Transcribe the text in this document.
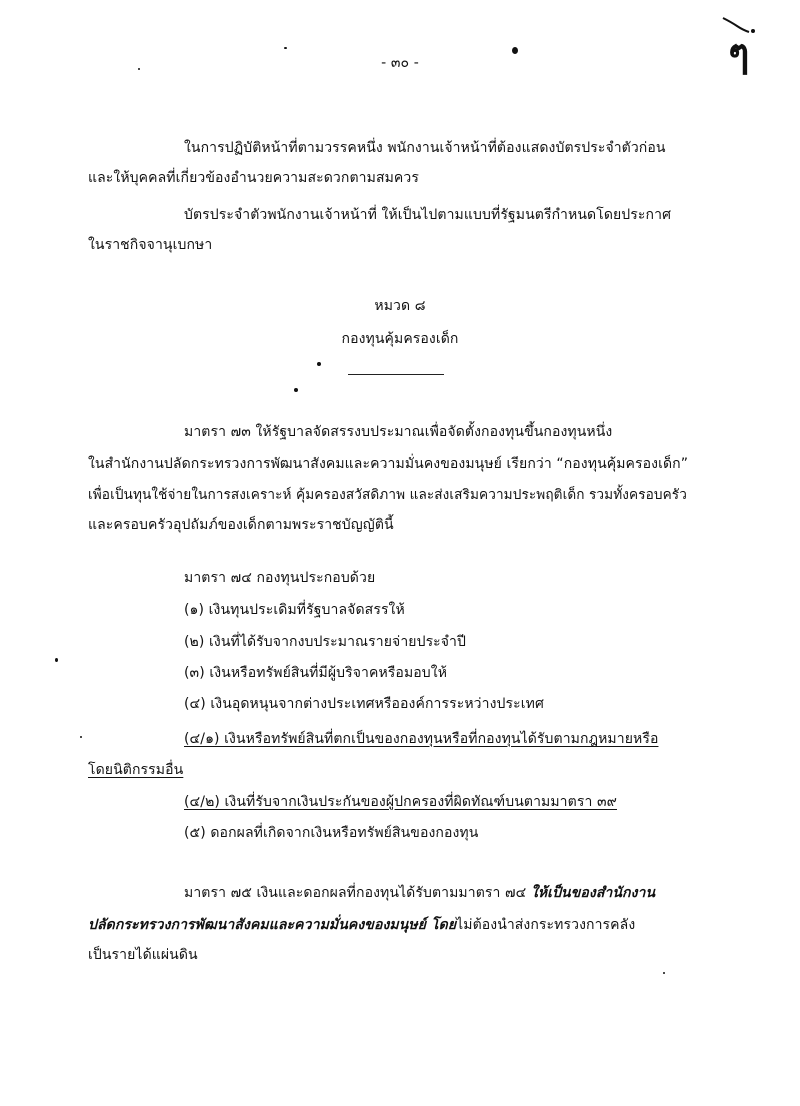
ๆ
- ๓๐ -
ในการปฏิบัติหน้าที่ตามวรรคหนึ่ง พนักงานเจ้าหน้าที่ต้องแสดงบัตรประจำตัวก่อน
และให้บุคคลที่เกี่ยวข้องอำนวยความสะดวกตามสมควร
บัตรประจำตัวพนักงานเจ้าหน้าที่ ให้เป็นไปตามแบบที่รัฐมนตรีกำหนดโดยประกาศ
ในราชกิจจานุเบกษา
หมวด ๘
กองทุนคุ้มครองเด็ก
มาตรา ๗๓ ให้รัฐบาลจัดสรรงบประมาณเพื่อจัดตั้งกองทุนขึ้นกองทุนหนึ่ง
ในสำนักงานปลัดกระทรวงการพัฒนาสังคมและความมั่นคงของมนุษย์ เรียกว่า “กองทุนคุ้มครองเด็ก”
เพื่อเป็นทุนใช้จ่ายในการสงเคราะห์ คุ้มครองสวัสดิภาพ และส่งเสริมความประพฤติเด็ก รวมทั้งครอบครัว
และครอบครัวอุปถัมภ์ของเด็กตามพระราชบัญญัตินี้
มาตรา ๗๔ กองทุนประกอบด้วย
(๑) เงินทุนประเดิมที่รัฐบาลจัดสรรให้
(๒) เงินที่ได้รับจากงบประมาณรายจ่ายประจำปี
(๓) เงินหรือทรัพย์สินที่มีผู้บริจาคหรือมอบให้
(๔) เงินอุดหนุนจากต่างประเทศหรือองค์การระหว่างประเทศ
(๔/๑) เงินหรือทรัพย์สินที่ตกเป็นของกองทุนหรือที่กองทุนได้รับตามกฎหมายหรือ
โดยนิติกรรมอื่น
(๔/๒) เงินที่รับจากเงินประกันของผู้ปกครองที่ผิดทัณฑ์บนตามมาตรา ๓๙
(๕) ดอกผลที่เกิดจากเงินหรือทรัพย์สินของกองทุน
มาตรา ๗๕ เงินและดอกผลที่กองทุนได้รับตามมาตรา ๗๔ ให้เป็นของสำนักงาน
ปลัดกระทรวงการพัฒนาสังคมและความมั่นคงของมนุษย์ โดยไม่ต้องนำส่งกระทรวงการคลัง
เป็นรายได้แผ่นดิน
